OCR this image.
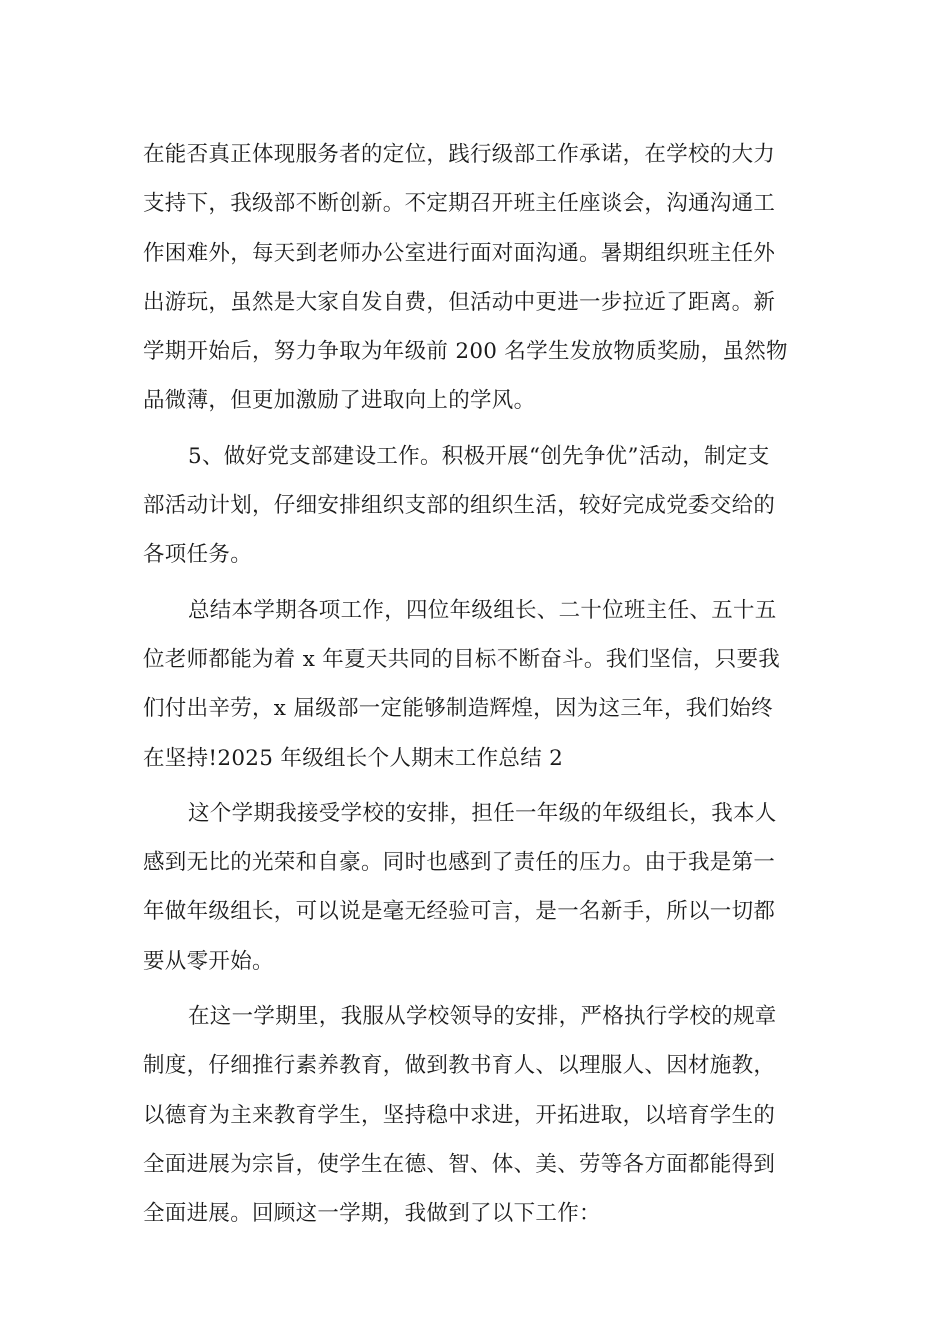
在能否真正体现服务者的定位，践行级部工作承诺，在学校的大力
支持下，我级部不断创新。不定期召开班主任座谈会，沟通沟通工
作困难外，每天到老师办公室进行面对面沟通。暑期组织班主任外
出游玩，虽然是大家自发自费，但活动中更进一步拉近了距离。新
学期开始后，努力争取为年级前 200 名学生发放物质奖励，虽然物
品微薄，但更加激励了进取向上的学风。

5、做好党支部建设工作。积极开展“创先争优”活动，制定支
部活动计划，仔细安排组织支部的组织生活，较好完成党委交给的
各项任务。

总结本学期各项工作，四位年级组长、二十位班主任、五十五
位老师都能为着 x 年夏天共同的目标不断奋斗。我们坚信，只要我
们付出辛劳，x 届级部一定能够制造辉煌，因为这三年，我们始终
在坚持!2025 年级组长个人期末工作总结 2

这个学期我接受学校的安排，担任一年级的年级组长，我本人
感到无比的光荣和自豪。同时也感到了责任的压力。由于我是第一
年做年级组长，可以说是毫无经验可言，是一名新手，所以一切都
要从零开始。

在这一学期里，我服从学校领导的安排，严格执行学校的规章
制度，仔细推行素养教育，做到教书育人、以理服人、因材施教，
以德育为主来教育学生，坚持稳中求进，开拓进取，以培育学生的
全面进展为宗旨，使学生在德、智、体、美、劳等各方面都能得到
全面进展。回顾这一学期，我做到了以下工作：
